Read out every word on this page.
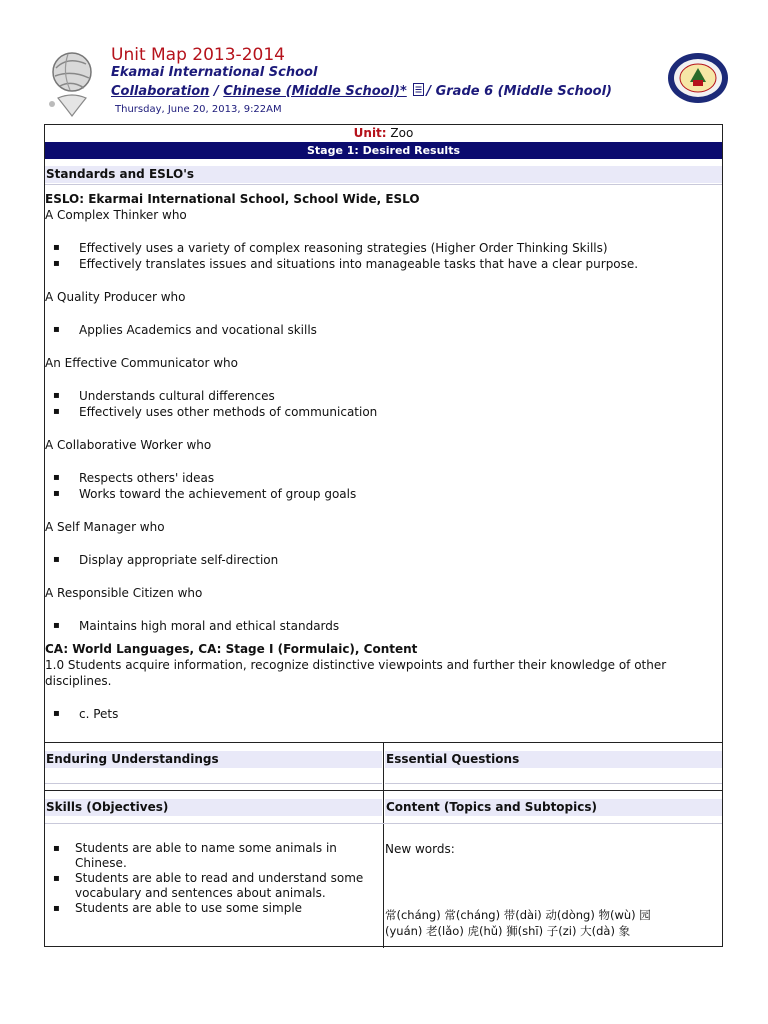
Unit Map 2013-2014
Ekamai International School
Collaboration / Chinese (Middle School)* / Grade 6 (Middle School)
Thursday, June 20, 2013, 9:22AM
Unit: Zoo
Stage 1: Desired Results
Standards and ESLO's
ESLO: Ekarmai International School, School Wide, ESLO
A Complex Thinker who
▪ Effectively uses a variety of complex reasoning strategies (Higher Order Thinking Skills)
▪ Effectively translates issues and situations into manageable tasks that have a clear purpose.
A Quality Producer who
▪ Applies Academics and vocational skills
An Effective Communicator who
▪ Understands cultural differences
▪ Effectively uses other methods of communication
A Collaborative Worker who
▪ Respects others' ideas
▪ Works toward the achievement of group goals
A Self Manager who
▪ Display appropriate self-direction
A Responsible Citizen who
▪ Maintains high moral and ethical standards
CA: World Languages, CA: Stage I (Formulaic), Content
1.0 Students acquire information, recognize distinctive viewpoints and further their knowledge of other disciplines.
▪ c. Pets
Enduring Understandings	Essential Questions
Skills (Objectives)	Content (Topics and Subtopics)
▪ Students are able to name some animals in Chinese.
▪ Students are able to read and understand some vocabulary and sentences about animals.
▪ Students are able to use some simple
New words:
常(cháng) 常(cháng) 带(dài) 动(dòng) 物(wù) 园
(yuán) 老(lǎo) 虎(hǔ) 狮(shī) 子(zi) 大(dà) 象
